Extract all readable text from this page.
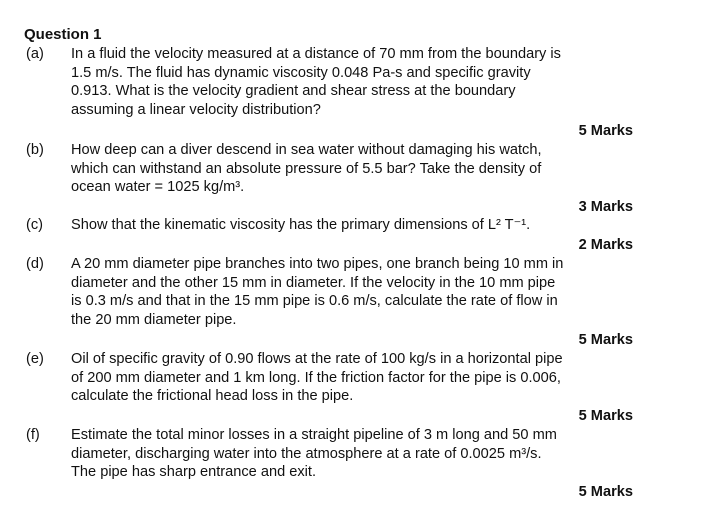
Question 1
(a) In a fluid the velocity measured at a distance of 70 mm from the boundary is
1.5 m/s. The fluid has dynamic viscosity 0.048 Pa-s and specific gravity
0.913. What is the velocity gradient and shear stress at the boundary
assuming a linear velocity distribution?
5 Marks
(b) How deep can a diver descend in sea water without damaging his watch,
which can withstand an absolute pressure of 5.5 bar? Take the density of
ocean water = 1025 kg/m³.
3 Marks
(c) Show that the kinematic viscosity has the primary dimensions of L² T⁻¹.
2 Marks
(d) A 20 mm diameter pipe branches into two pipes, one branch being 10 mm in
diameter and the other 15 mm in diameter. If the velocity in the 10 mm pipe
is 0.3 m/s and that in the 15 mm pipe is 0.6 m/s, calculate the rate of flow in
the 20 mm diameter pipe.
5 Marks
(e) Oil of specific gravity of 0.90 flows at the rate of 100 kg/s in a horizontal pipe
of 200 mm diameter and 1 km long. If the friction factor for the pipe is 0.006,
calculate the frictional head loss in the pipe.
5 Marks
(f) Estimate the total minor losses in a straight pipeline of 3 m long and 50 mm
diameter, discharging water into the atmosphere at a rate of 0.0025 m³/s.
The pipe has sharp entrance and exit.
5 Marks
